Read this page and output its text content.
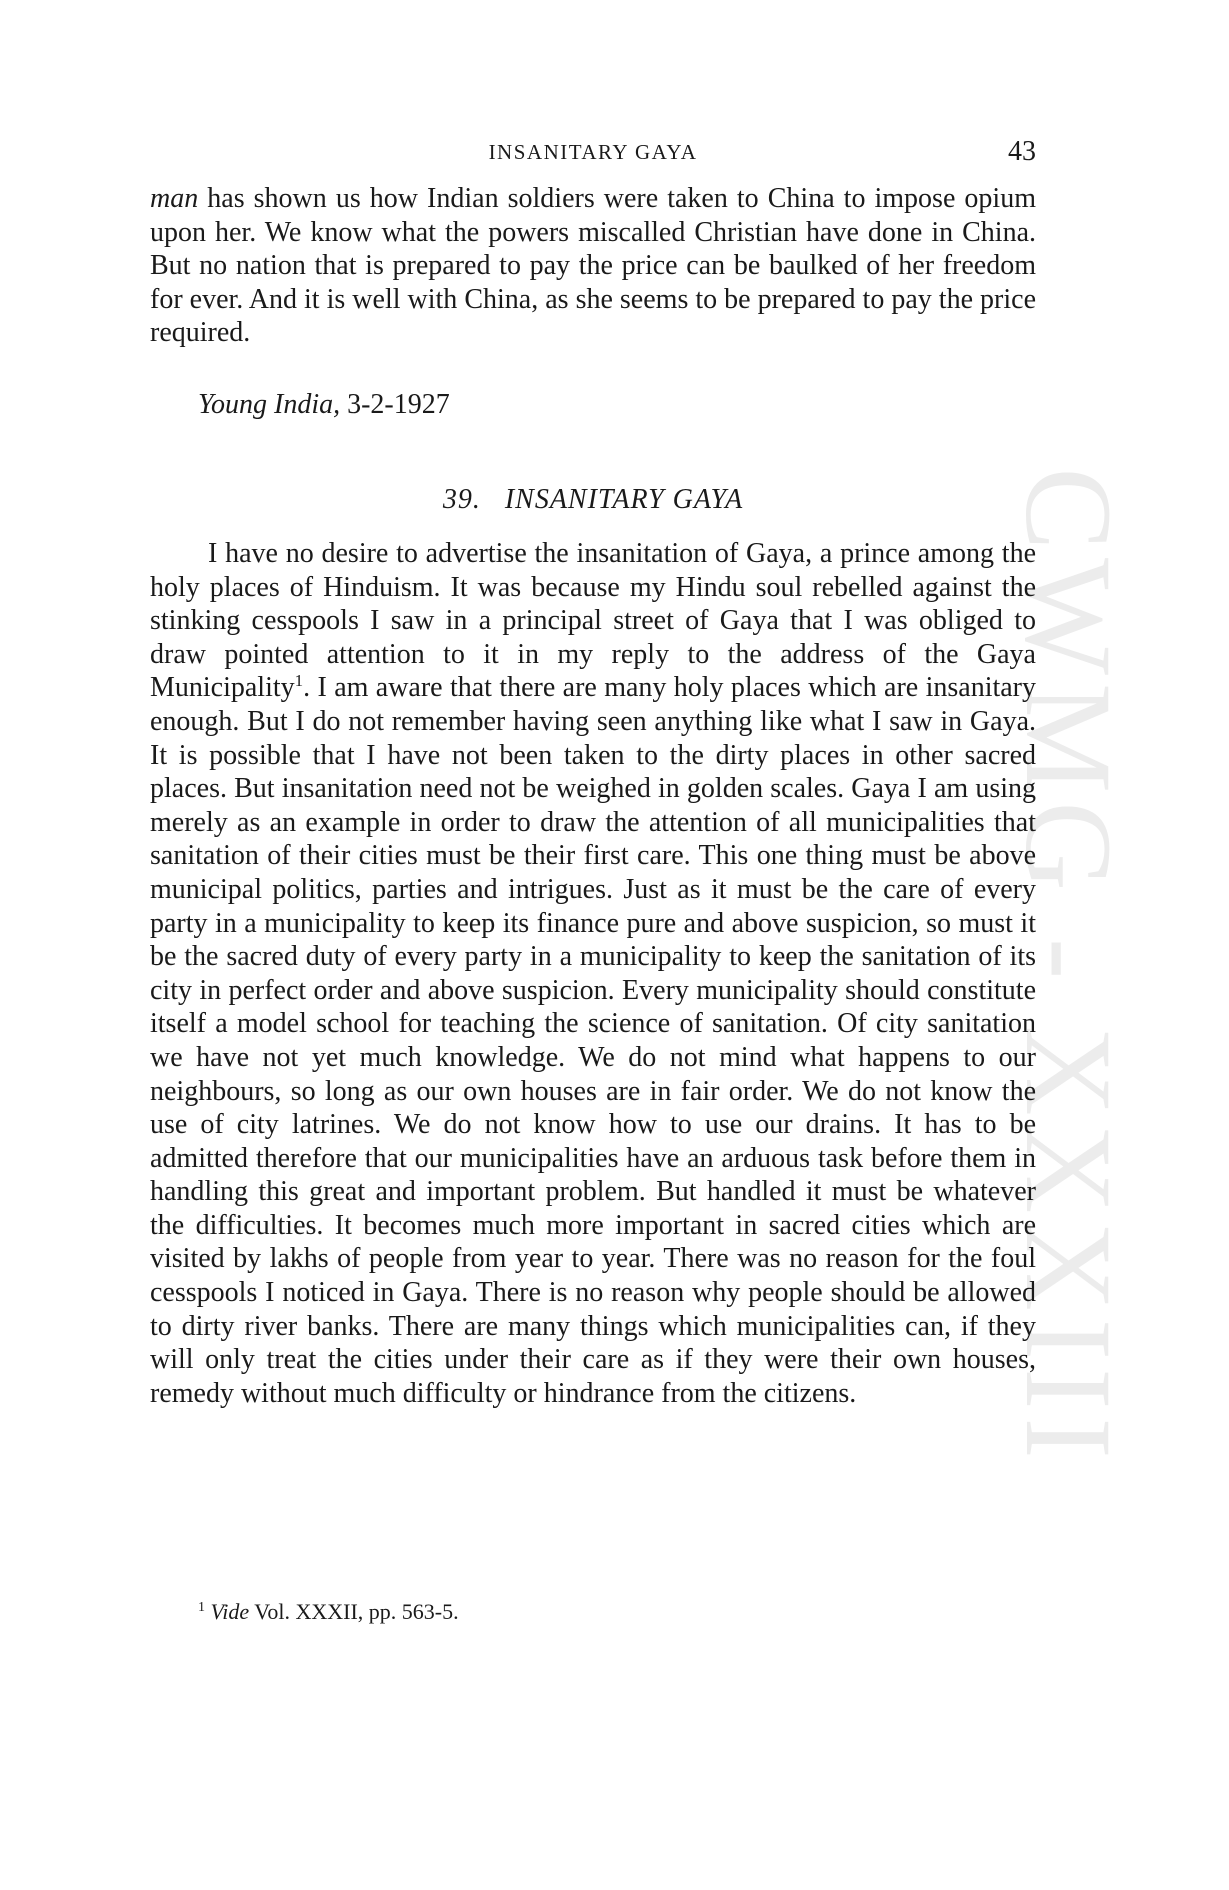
CWMG - XXXIII
INSANITARY GAYA	43

man has shown us how Indian soldiers were taken to China to impose opium upon her. We know what the powers miscalled Christian have done in China. But no nation that is prepared to pay the price can be baulked of her freedom for ever. And it is well with China, as she seems to be prepared to pay the price required.

Young India, 3-2-1927
39. INSANITARY GAYA

I have no desire to advertise the insanitation of Gaya, a prince among the holy places of Hinduism. It was because my Hindu soul rebelled against the stinking cesspools I saw in a principal street of Gaya that I was obliged to draw pointed attention to it in my reply to the address of the Gaya Municipality$^1$. I am aware that there are many holy places which are insanitary enough. But I do not remember having seen anything like what I saw in Gaya. It is possible that I have not been taken to the dirty places in other sacred places. But insanitation need not be weighed in golden scales. Gaya I am using merely as an example in order to draw the attention of all municipalities that sanitation of their cities must be their first care. This one thing must be above municipal politics, parties and intrigues. Just as it must be the care of every party in a municipality to keep its finance pure and above suspicion, so must it be the sacred duty of every party in a municipality to keep the sanitation of its city in perfect order and above suspicion. Every municipality should constitute itself a model school for teaching the science of sanitation. Of city sanitation we have not yet much knowledge. We do not mind what happens to our neighbours, so long as our own houses are in fair order. We do not know the use of city latrines. We do not know how to use our drains. It has to be admitted therefore that our municipalities have an arduous task before them in handling this great and important problem. But handled it must be whatever the difficulties. It becomes much more important in sacred cities which are visited by lakhs of people from year to year. There was no reason for the foul cesspools I noticed in Gaya. There is no reason why people should be allowed to dirty river banks. There are many things which municipalities can, if they will only treat the cities under their care as if they were their own houses, remedy without much difficulty or hindrance from the citizens.

$^1$ Vide Vol. XXXII, pp. 563-5.
